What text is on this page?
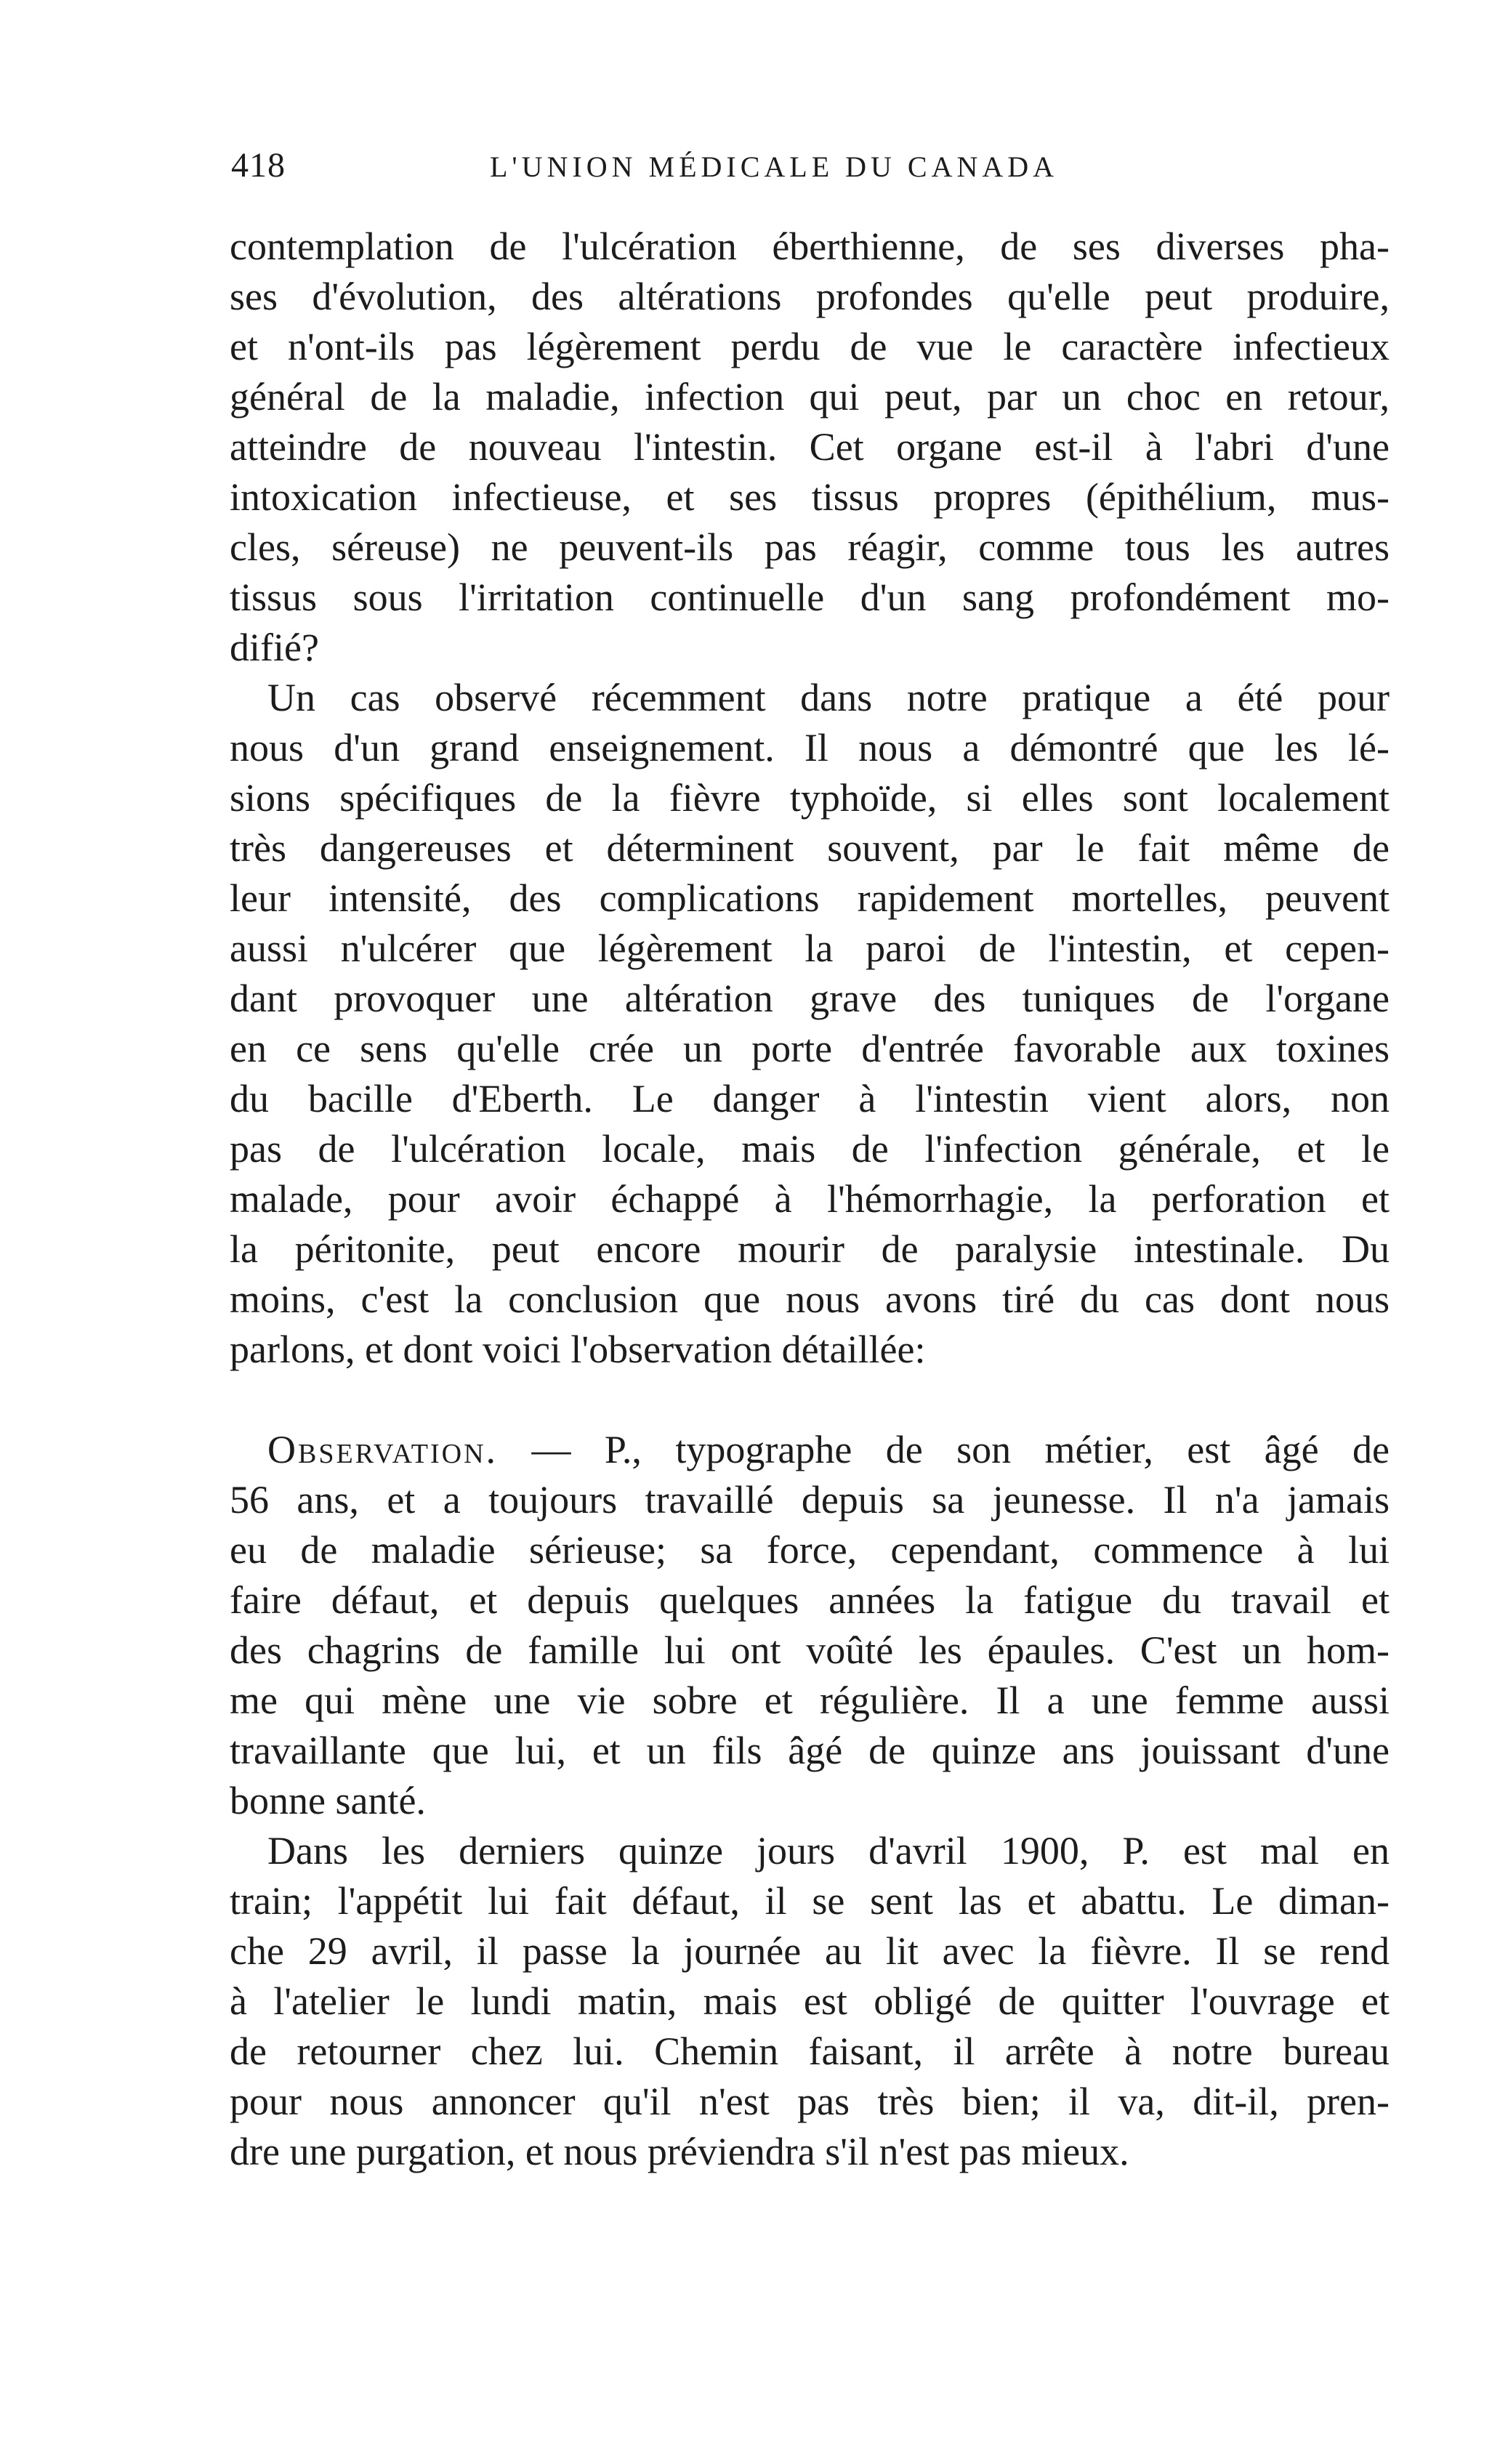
418	L'UNION MÉDICALE DU CANADA
contemplation de l'ulcération éberthienne, de ses diverses pha-
ses d'évolution, des altérations profondes qu'elle peut produire,
et n'ont-ils pas légèrement perdu de vue le caractère infectieux
général de la maladie, infection qui peut, par un choc en retour,
atteindre de nouveau l'intestin. Cet organe est-il à l'abri d'une
intoxication infectieuse, et ses tissus propres (épithélium, mus-
cles, séreuse) ne peuvent-ils pas réagir, comme tous les autres
tissus sous l'irritation continuelle d'un sang profondément mo-
difié?
Un cas observé récemment dans notre pratique a été pour
nous d'un grand enseignement. Il nous a démontré que les lé-
sions spécifiques de la fièvre typhoïde, si elles sont localement
très dangereuses et déterminent souvent, par le fait même de
leur intensité, des complications rapidement mortelles, peuvent
aussi n'ulcérer que légèrement la paroi de l'intestin, et cepen-
dant provoquer une altération grave des tuniques de l'organe
en ce sens qu'elle crée un porte d'entrée favorable aux toxines
du bacille d'Eberth. Le danger à l'intestin vient alors, non
pas de l'ulcération locale, mais de l'infection générale, et le
malade, pour avoir échappé à l'hémorrhagie, la perforation et
la péritonite, peut encore mourir de paralysie intestinale. Du
moins, c'est la conclusion que nous avons tiré du cas dont nous
parlons, et dont voici l'observation détaillée:
Observation. — P., typographe de son métier, est âgé de
56 ans, et a toujours travaillé depuis sa jeunesse. Il n'a jamais
eu de maladie sérieuse; sa force, cependant, commence à lui
faire défaut, et depuis quelques années la fatigue du travail et
des chagrins de famille lui ont voûté les épaules. C'est un hom-
me qui mène une vie sobre et régulière. Il a une femme aussi
travaillante que lui, et un fils âgé de quinze ans jouissant d'une
bonne santé.
Dans les derniers quinze jours d'avril 1900, P. est mal en
train; l'appétit lui fait défaut, il se sent las et abattu. Le diman-
che 29 avril, il passe la journée au lit avec la fièvre. Il se rend
à l'atelier le lundi matin, mais est obligé de quitter l'ouvrage et
de retourner chez lui. Chemin faisant, il arrête à notre bureau
pour nous annoncer qu'il n'est pas très bien; il va, dit-il, pren-
dre une purgation, et nous préviendra s'il n'est pas mieux.
